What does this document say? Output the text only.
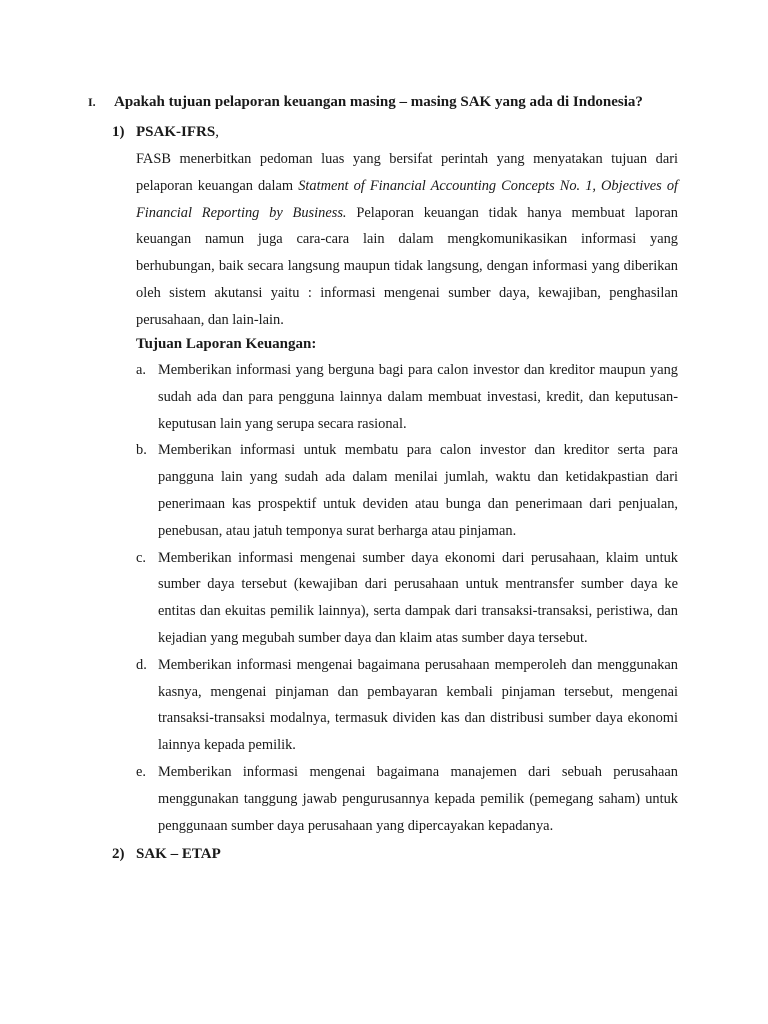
I. Apakah tujuan pelaporan keuangan masing – masing SAK yang ada di Indonesia?
1) PSAK-IFRS,

FASB menerbitkan pedoman luas yang bersifat perintah yang menyatakan tujuan dari pelaporan keuangan dalam Statment of Financial Accounting Concepts No. 1, Objectives of Financial Reporting by Business. Pelaporan keuangan tidak hanya membuat laporan keuangan namun juga cara-cara lain dalam mengkomunikasikan informasi yang berhubungan, baik secara langsung maupun tidak langsung, dengan informasi yang diberikan oleh sistem akutansi yaitu : informasi mengenai sumber daya, kewajiban, penghasilan perusahaan, dan lain-lain.

Tujuan Laporan Keuangan:
a. Memberikan informasi yang berguna bagi para calon investor dan kreditor maupun yang sudah ada dan para pengguna lainnya dalam membuat investasi, kredit, dan keputusan-keputusan lain yang serupa secara rasional.
b. Memberikan informasi untuk membatu para calon investor dan kreditor serta para pangguna lain yang sudah ada dalam menilai jumlah, waktu dan ketidakpastian dari penerimaan kas prospektif untuk deviden atau bunga dan penerimaan dari penjualan, penebusan, atau jatuh temponya surat berharga atau pinjaman.
c. Memberikan informasi mengenai sumber daya ekonomi dari perusahaan, klaim untuk sumber daya tersebut (kewajiban dari perusahaan untuk mentransfer sumber daya ke entitas dan ekuitas pemilik lainnya), serta dampak dari transaksi-transaksi, peristiwa, dan kejadian yang megubah sumber daya dan klaim atas sumber daya tersebut.
d. Memberikan informasi mengenai bagaimana perusahaan memperoleh dan menggunakan kasnya, mengenai pinjaman dan pembayaran kembali pinjaman tersebut, mengenai transaksi-transaksi modalnya, termasuk dividen kas dan distribusi sumber daya ekonomi lainnya kepada pemilik.
e. Memberikan informasi mengenai bagaimana manajemen dari sebuah perusahaan menggunakan tanggung jawab pengurusannya kepada pemilik (pemegang saham) untuk penggunaan sumber daya perusahaan yang dipercayakan kepadanya.
2) SAK – ETAP
